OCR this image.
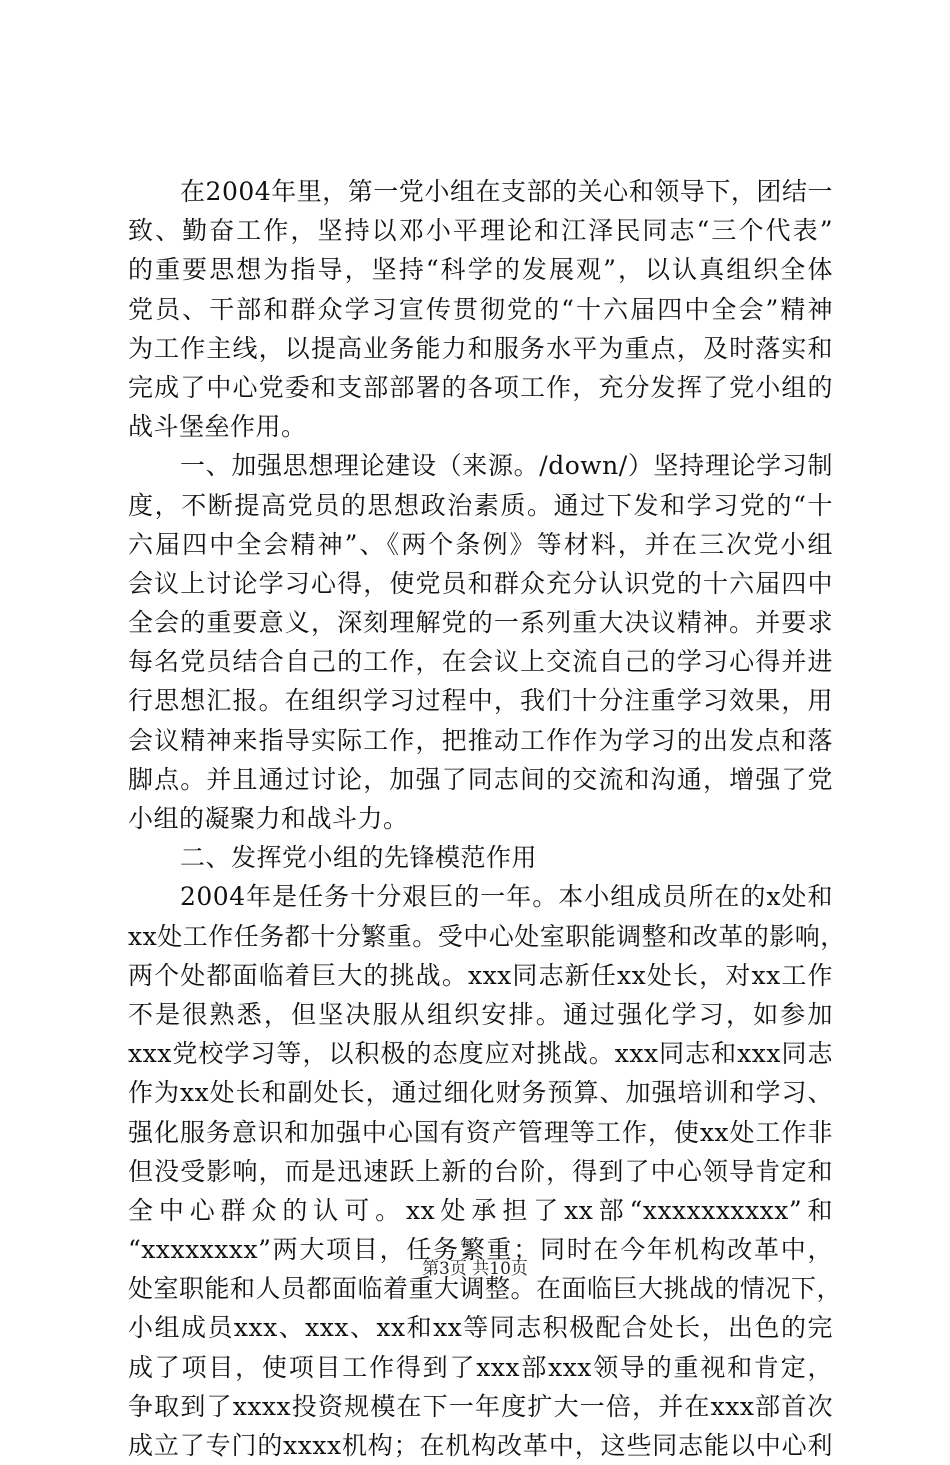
在2004年里，第一党小组在支部的关心和领导下，团结一
致、勤奋工作，坚持以邓小平理论和江泽民同志“三个代表”
的重要思想为指导，坚持“科学的发展观”，以认真组织全体
党员、干部和群众学习宣传贯彻党的“十六届四中全会”精神
为工作主线，以提高业务能力和服务水平为重点，及时落实和
完成了中心党委和支部部署的各项工作，充分发挥了党小组的
战斗堡垒作用。
一、加强思想理论建设（来源。/down/）坚持理论学习制
度，不断提高党员的思想政治素质。通过下发和学习党的“十
六届四中全会精神”、《两个条例》等材料，并在三次党小组
会议上讨论学习心得，使党员和群众充分认识党的十六届四中
全会的重要意义，深刻理解党的一系列重大决议精神。并要求
每名党员结合自己的工作，在会议上交流自己的学习心得并进
行思想汇报。在组织学习过程中，我们十分注重学习效果，用
会议精神来指导实际工作，把推动工作作为学习的出发点和落
脚点。并且通过讨论，加强了同志间的交流和沟通，增强了党
小组的凝聚力和战斗力。
二、发挥党小组的先锋模范作用
2004年是任务十分艰巨的一年。本小组成员所在的x处和
xx处工作任务都十分繁重。受中心处室职能调整和改革的影响，
两个处都面临着巨大的挑战。xxx同志新任xx处长，对xx工作
不是很熟悉，但坚决服从组织安排。通过强化学习，如参加
xxx党校学习等，以积极的态度应对挑战。xxx同志和xxx同志
作为xx处长和副处长，通过细化财务预算、加强培训和学习、
强化服务意识和加强中心国有资产管理等工作，使xx处工作非
但没受影响，而是迅速跃上新的台阶，得到了中心领导肯定和
全中心群众的认可。xx处承担了xx部“xxxxxxxxxx”和
“xxxxxxxx”两大项目，任务繁重；同时在今年机构改革中，
处室职能和人员都面临着重大调整。在面临巨大挑战的情况下，
小组成员xxx、xxx、xx和xx等同志积极配合处长，出色的完
成了项目，使项目工作得到了xxx部xxx领导的重视和肯定，
争取到了xxxx投资规模在下一年度扩大一倍，并在xxx部首次
成立了专门的xxxx机构；在机构改革中，这些同志能以中心利
第3页 共10页
